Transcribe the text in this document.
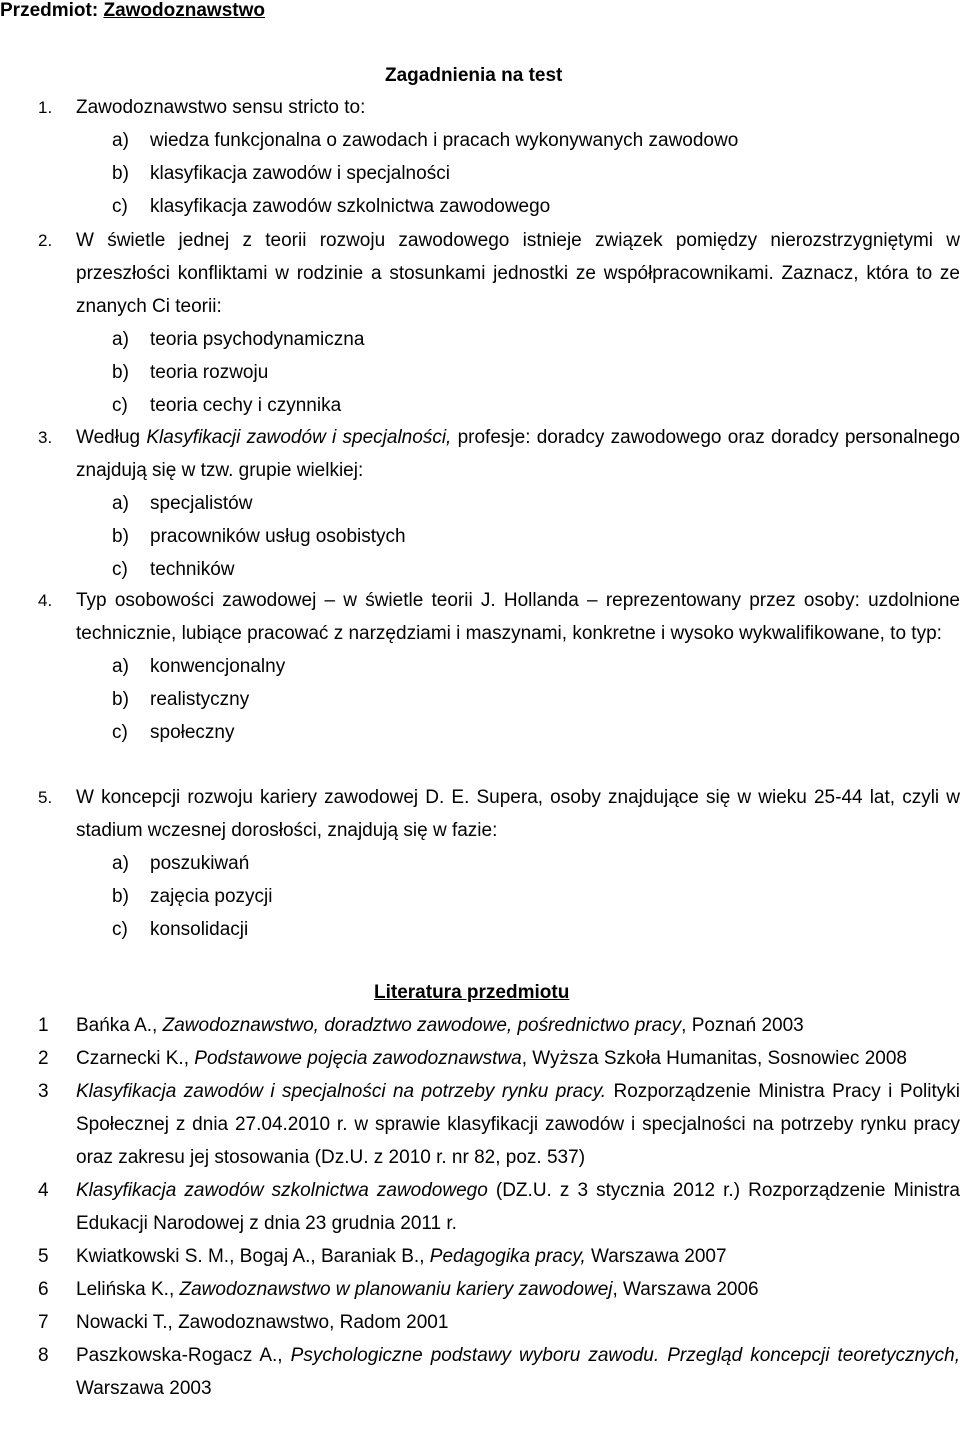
Przedmiot: Zawodoznawstwo
Zagadnienia na test
1. Zawodoznawstwo sensu stricto to:
a) wiedza funkcjonalna o zawodach i pracach wykonywanych zawodowo
b) klasyfikacja zawodów i specjalności
c) klasyfikacja zawodów szkolnictwa zawodowego
2. W świetle jednej z teorii rozwoju zawodowego istnieje związek pomiędzy nierozstrzygniętymi w przeszłości konfliktami w rodzinie a stosunkami jednostki ze współpracownikami. Zaznacz, która to ze znanych Ci teorii:
a) teoria psychodynamiczna
b) teoria rozwoju
c) teoria cechy i czynnika
3. Według Klasyfikacji zawodów i specjalności, profesje: doradcy zawodowego oraz doradcy personalnego znajdują się w tzw. grupie wielkiej:
a) specjalistów
b) pracowników usług osobistych
c) techników
4. Typ osobowości zawodowej – w świetle teorii J. Hollanda – reprezentowany przez osoby: uzdolnione technicznie, lubiące pracować z narzędziami i maszynami, konkretne i wysoko wykwalifikowane, to typ:
a) konwencjonalny
b) realistyczny
c) społeczny
5. W koncepcji rozwoju kariery zawodowej D. E. Supera, osoby znajdujące się w wieku 25-44 lat, czyli w stadium wczesnej dorosłości, znajdują się w fazie:
a) poszukiwań
b) zajęcia pozycji
c) konsolidacji
Literatura przedmiotu
1 Bańka A., Zawodoznawstwo, doradztwo zawodowe, pośrednictwo pracy, Poznań 2003
2 Czarnecki K., Podstawowe pojęcia zawodoznawstwa, Wyższa Szkoła Humanitas, Sosnowiec 2008
3 Klasyfikacja zawodów i specjalności na potrzeby rynku pracy. Rozporządzenie Ministra Pracy i Polityki Społecznej z dnia 27.04.2010 r. w sprawie klasyfikacji zawodów i specjalności na potrzeby rynku pracy oraz zakresu jej stosowania (Dz.U. z 2010 r. nr 82, poz. 537)
4 Klasyfikacja zawodów szkolnictwa zawodowego (DZ.U. z 3 stycznia 2012 r.) Rozporządzenie Ministra Edukacji Narodowej z dnia 23 grudnia 2011 r.
5 Kwiatkowski S. M., Bogaj A., Baraniak B., Pedagogika pracy, Warszawa 2007
6 Lelińska K., Zawodoznawstwo w planowaniu kariery zawodowej, Warszawa 2006
7 Nowacki T., Zawodoznawstwo, Radom 2001
8 Paszkowska-Rogacz A., Psychologiczne podstawy wyboru zawodu. Przegląd koncepcji teoretycznych, Warszawa 2003
